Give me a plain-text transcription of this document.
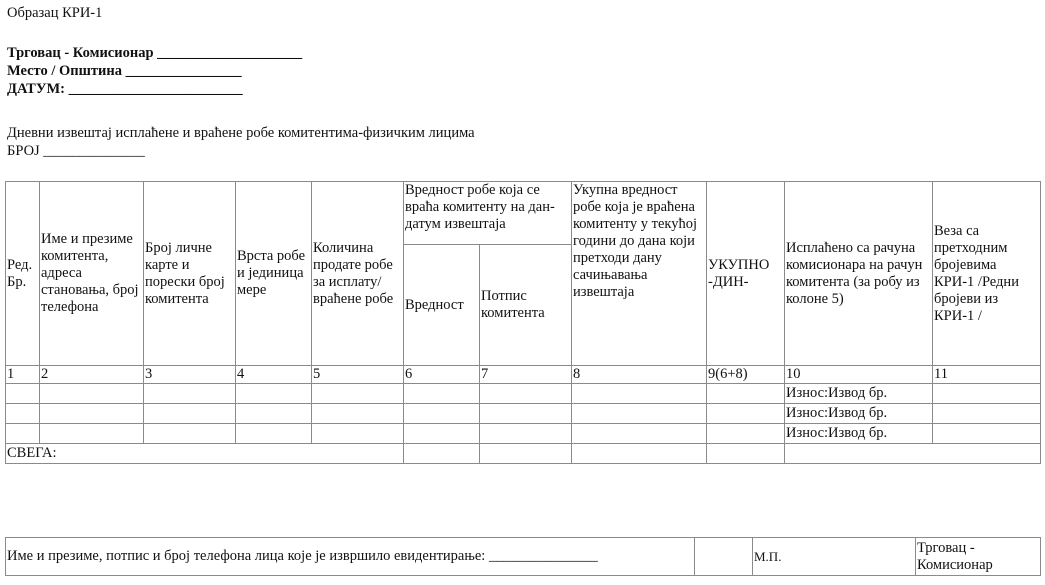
Образац КРИ-1
Трговац - Комисионар ____________________
Место / Општина ________________
ДАТУМ: ________________________
Дневни извештај исплаћене и враћене робе комитентима-физичким лицима
БРОЈ ______________
Ред. Бр.	Име и презиме комитента, адреса становања, број телефона	Број личне карте и порески број комитента	Врста робе и јединица мере	Количина продате робе за исплату/ враћене робе	Вредност робе која се враћа комитенту на дан-датум извештаја		Укупна вредност робе која је враћена комитенту у текућој години до дана који претходи дану сачињавања извештаја	УКУПНО -ДИН-	Исплаћено са рачуна комисионара на рачун комитента (за робу из колоне 5)	Веза са претходним бројевима КРИ-1 /Редни бројеви из КРИ-1 /
					Вредност	Потпис комитента				
1	2	3	4	5	6	7	8	9(6+8)	10	11
									Износ:Извод бр.	
									Износ:Извод бр.	
									Износ:Извод бр.	
СВЕГА:										
Име и презиме, потпис и број телефона лица које је извршило евидентирање: _______________		М.П.	Трговац - Комисионар
